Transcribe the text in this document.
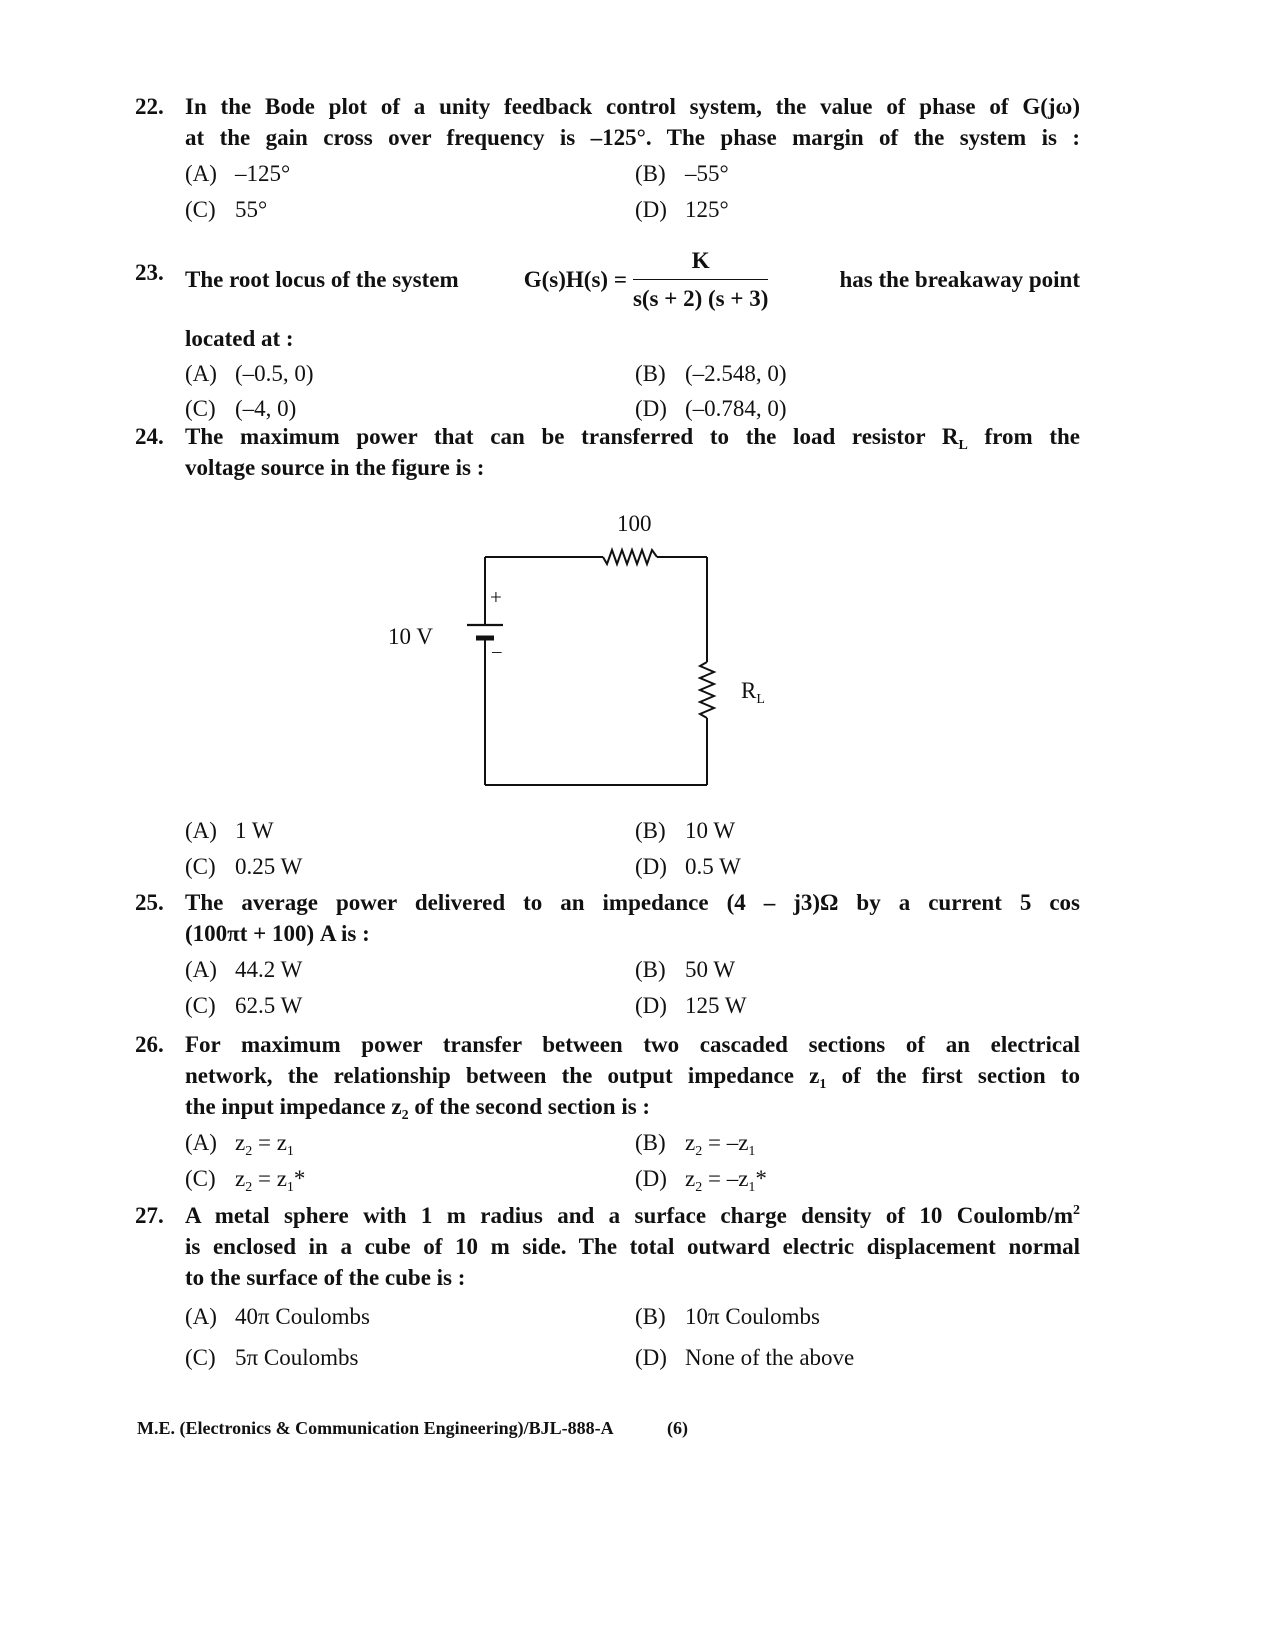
22. In the Bode plot of a unity feedback control system, the value of phase of G(jω)
at the gain cross over frequency is –125°. The phase margin of the system is :
(A) –125°	(B) –55°
(C) 55°	(D) 125°
23. The root locus of the system	$G(s)H(s) = \frac{K}{s(s + 2) (s + 3)}$	has the breakaway point
located at :
(A) (–0.5, 0)	(B) (–2.548, 0)
(C) (–4, 0)	(D) (–0.784, 0)
24. The maximum power that can be transferred to the load resistor $R_L$ from the
voltage source in the figure is :
100
+
–
10 V
$R_L$
(A) 1 W	(B) 10 W
(C) 0.25 W	(D) 0.5 W
25. The average power delivered to an impedance (4 – j3)Ω by a current 5 cos
(100πt + 100) A is :
(A) 44.2 W	(B) 50 W
(C) 62.5 W	(D) 125 W
26. For maximum power transfer between two cascaded sections of an electrical
network, the relationship between the output impedance $z_1$ of the first section to
the input impedance $z_2$ of the second section is :
(A) $z_2 = z_1$	(B) $z_2 = -z_1$
(C) $z_2 = z_1*$	(D) $z_2 = -z_1*$
27. A metal sphere with 1 m radius and a surface charge density of 10 Coulomb/$m^2$
is enclosed in a cube of 10 m side. The total outward electric displacement normal
to the surface of the cube is :
(A) 40π Coulombs	(B) 10π Coulombs
(C) 5π Coulombs	(D) None of the above
M.E. (Electronics & Communication Engineering)/BJL-888-A	(6)
